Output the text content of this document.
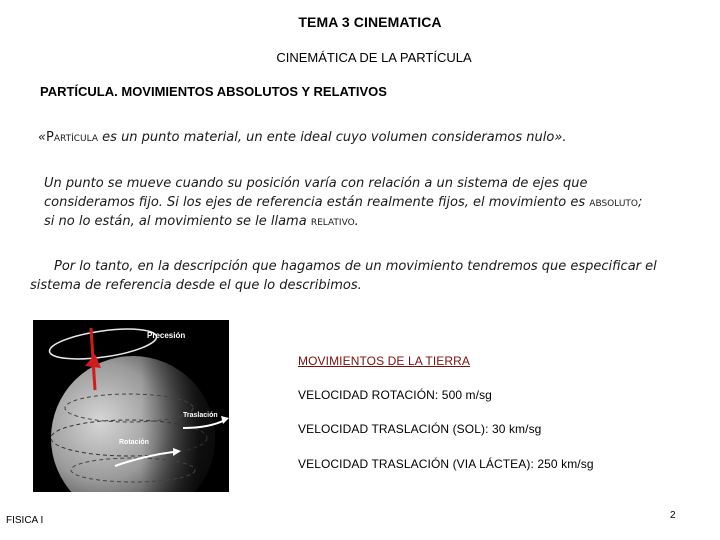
TEMA 3 CINEMATICA
CINEMÁTICA DE LA PARTÍCULA
PARTÍCULA. MOVIMIENTOS ABSOLUTOS Y RELATIVOS

«Partícula es un punto material, un ente ideal cuyo volumen consideramos nulo».

Un punto se mueve cuando su posición varía con relación a un sistema de ejes que consideramos fijo. Si los ejes de referencia están realmente fijos, el movimiento es absoluto; si no lo están, al movimiento se le llama relativo.

Por lo tanto, en la descripción que hagamos de un movimiento tendremos que especificar el sistema de referencia desde el que lo describimos.

Precesión
Traslación
Rotación
MOVIMIENTOS DE LA TIERRA
VELOCIDAD ROTACIÓN: 500 m/sg
VELOCIDAD TRASLACIÓN (SOL): 30 km/sg
VELOCIDAD TRASLACIÓN (VIA LÁCTEA): 250 km/sg
FISICA I	2
